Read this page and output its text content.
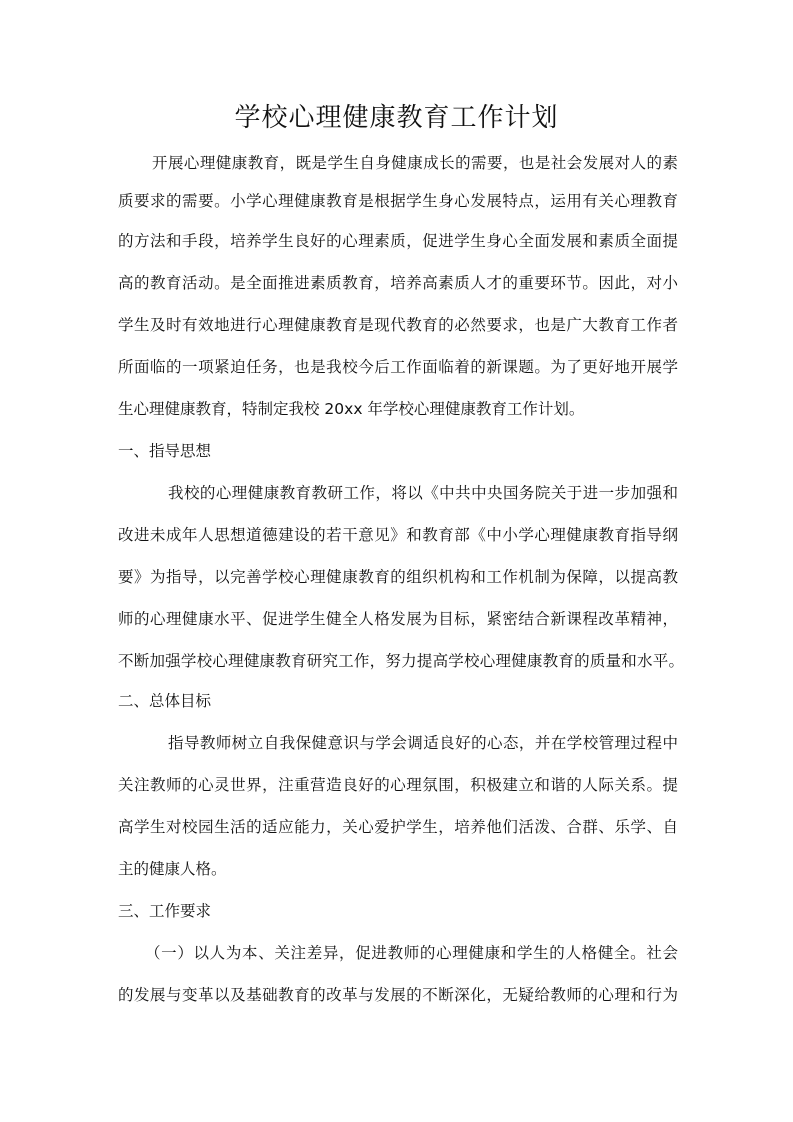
学校心理健康教育工作计划
开展心理健康教育，既是学生自身健康成长的需要，也是社会发展对人的素
质要求的需要。小学心理健康教育是根据学生身心发展特点，运用有关心理教育
的方法和手段，培养学生良好的心理素质，促进学生身心全面发展和素质全面提
高的教育活动。是全面推进素质教育，培养高素质人才的重要环节。因此，对小
学生及时有效地进行心理健康教育是现代教育的必然要求，也是广大教育工作者
所面临的一项紧迫任务，也是我校今后工作面临着的新课题。为了更好地开展学
生心理健康教育，特制定我校 20xx 年学校心理健康教育工作计划。
一、指导思想
我校的心理健康教育教研工作，将以《中共中央国务院关于进一步加强和
改进未成年人思想道德建设的若干意见》和教育部《中小学心理健康教育指导纲
要》为指导，以完善学校心理健康教育的组织机构和工作机制为保障，以提高教
师的心理健康水平、促进学生健全人格发展为目标，紧密结合新课程改革精神，
不断加强学校心理健康教育研究工作，努力提高学校心理健康教育的质量和水平。
二、总体目标
指导教师树立自我保健意识与学会调适良好的心态，并在学校管理过程中
关注教师的心灵世界，注重营造良好的心理氛围，积极建立和谐的人际关系。提
高学生对校园生活的适应能力，关心爱护学生，培养他们活泼、合群、乐学、自
主的健康人格。
三、工作要求
（一）以人为本、关注差异，促进教师的心理健康和学生的人格健全。社会
的发展与变革以及基础教育的改革与发展的不断深化，无疑给教师的心理和行为
